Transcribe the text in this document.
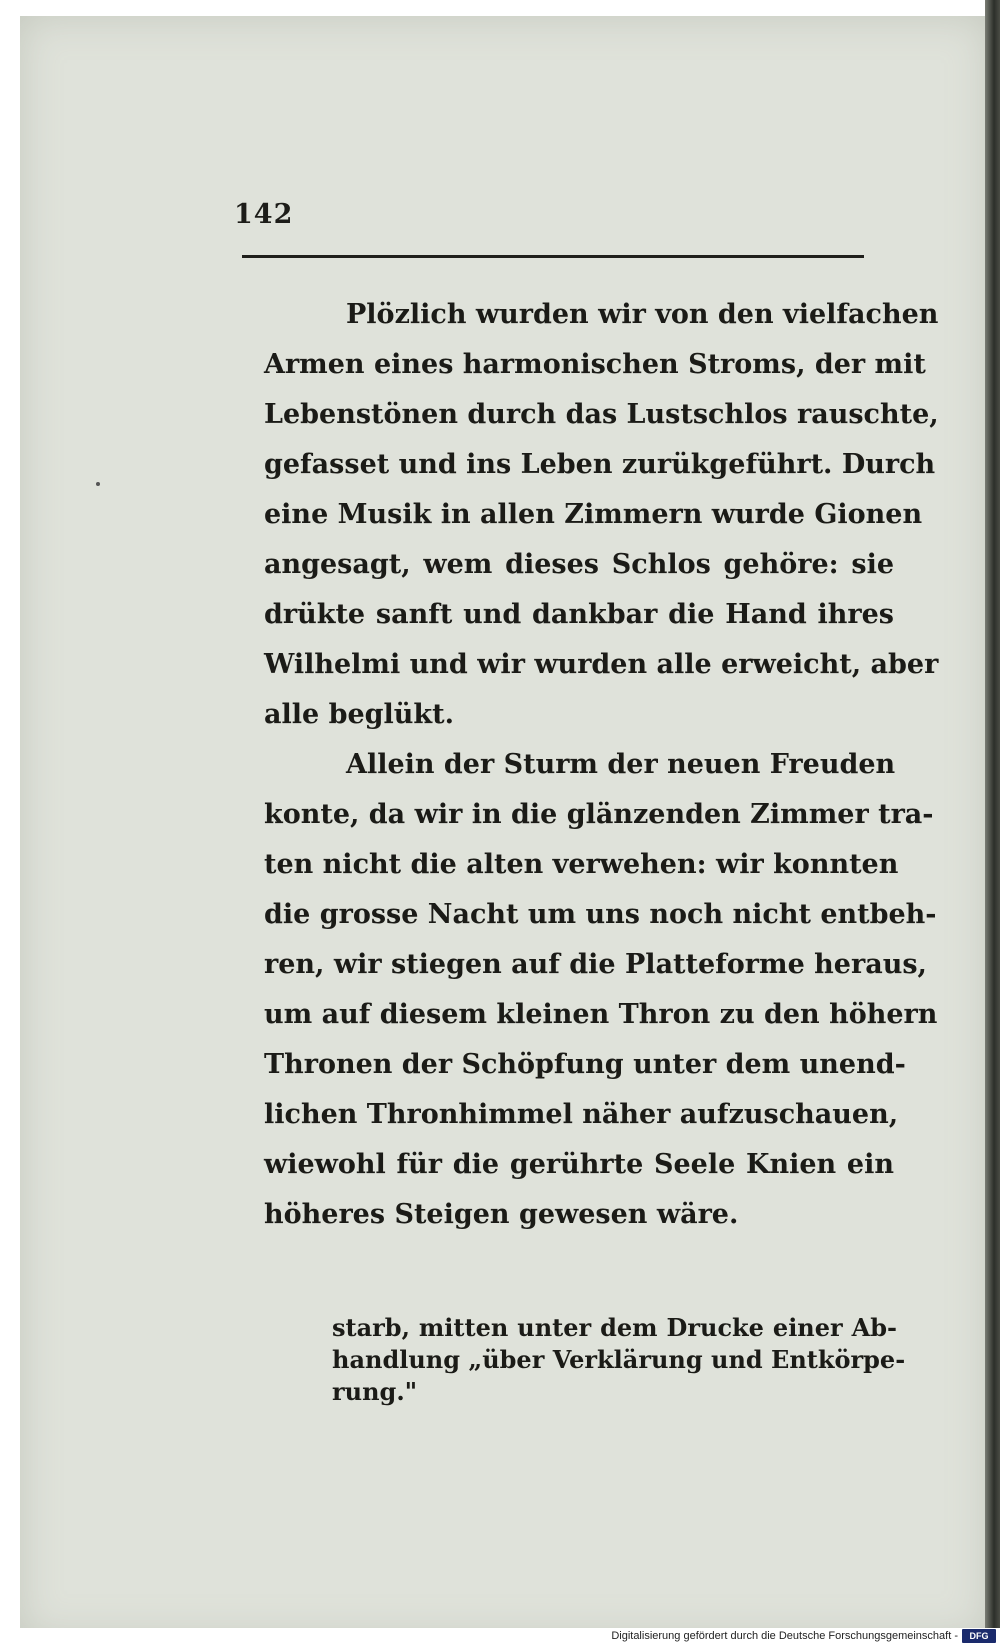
142
Plözlich wurden wir von den vielfachen
Armen eines harmonischen Stroms, der mit
Lebenstönen durch das Lustschlos rauschte,
gefasset und ins Leben zurükgeführt. Durch
eine Musik in allen Zimmern wurde Gionen
angesagt, wem dieses Schlos gehöre: sie
drükte sanft und dankbar die Hand ihres
Wilhelmi und wir wurden alle erweicht, aber
alle beglükt.
Allein der Sturm der neuen Freuden
konte, da wir in die glänzenden Zimmer tra-
ten nicht die alten verwehen: wir konnten
die grosse Nacht um uns noch nicht entbeh-
ren, wir stiegen auf die Platteforme heraus,
um auf diesem kleinen Thron zu den höhern
Thronen der Schöpfung unter dem unend-
lichen Thronhimmel näher aufzuschauen,
wiewohl für die gerührte Seele Knien ein
höheres Steigen gewesen wäre.
starb, mitten unter dem Drucke einer Ab-
handlung „über Verklärung und Entkörpe-
rung."
Digitalisierung gefördert durch die Deutsche Forschungsgemeinschaft -	DFG
